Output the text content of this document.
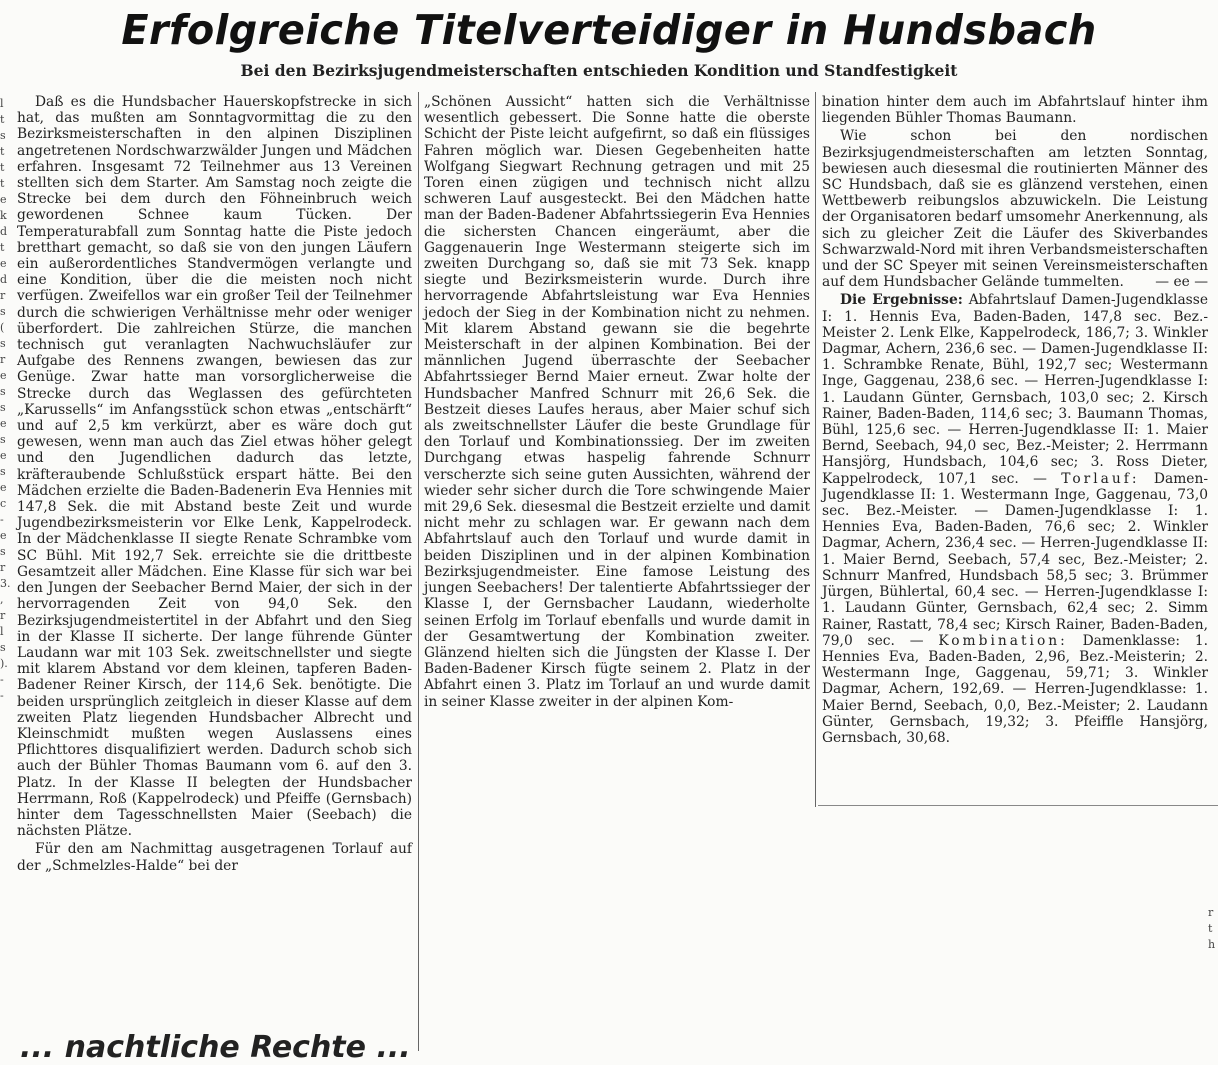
Erfolgreiche Titelverteidiger in Hundsbach
Bei den Bezirksjugendmeisterschaften entschieden Kondition und Standfestigkeit
l t s t t t e k d t e d r s ( s r e s s e s e s e c - e s r 3. , r l s ). - -

Daß es die Hundsbacher Hauerskopfstrecke in sich hat, das mußten am Sonntagvormittag die zu den Bezirksmeisterschaften in den alpinen Disziplinen angetretenen Nordschwarzwälder Jungen und Mädchen erfahren. Insgesamt 72 Teilnehmer aus 13 Vereinen stellten sich dem Starter. Am Samstag noch zeigte die Strecke bei dem durch den Föhneinbruch weich gewordenen Schnee kaum Tücken. Der Temperaturabfall zum Sonntag hatte die Piste jedoch bretthart gemacht, so daß sie von den jungen Läufern ein außerordentliches Standvermögen verlangte und eine Kondition, über die die meisten noch nicht verfügen. Zweifellos war ein großer Teil der Teilnehmer durch die schwierigen Verhältnisse mehr oder weniger überfordert. Die zahlreichen Stürze, die manchen technisch gut veranlagten Nachwuchsläufer zur Aufgabe des Rennens zwangen, bewiesen das zur Genüge. Zwar hatte man vorsorglicherweise die Strecke durch das Weglassen des gefürchteten „Karussells“ im Anfangsstück schon etwas „entschärft“ und auf 2,5 km verkürzt, aber es wäre doch gut gewesen, wenn man auch das Ziel etwas höher gelegt und den Jugendlichen dadurch das letzte, kräfteraubende Schlußstück erspart hätte. Bei den Mädchen erzielte die Baden-Badenerin Eva Hennies mit 147,8 Sek. die mit Abstand beste Zeit und wurde Jugendbezirksmeisterin vor Elke Lenk, Kappelrodeck. In der Mädchenklasse II siegte Renate Schrambke vom SC Bühl. Mit 192,7 Sek. erreichte sie die drittbeste Gesamtzeit aller Mädchen. Eine Klasse für sich war bei den Jungen der Seebacher Bernd Maier, der sich in der hervorragenden Zeit von 94,0 Sek. den Bezirksjugendmeistertitel in der Abfahrt und den Sieg in der Klasse II sicherte. Der lange führende Günter Laudann war mit 103 Sek. zweitschnellster und siegte mit klarem Abstand vor dem kleinen, tapferen Baden-Badener Reiner Kirsch, der 114,6 Sek. benötigte. Die beiden ursprünglich zeitgleich in dieser Klasse auf dem zweiten Platz liegenden Hundsbacher Albrecht und Kleinschmidt mußten wegen Auslassens eines Pflichttores disqualifiziert werden. Dadurch schob sich auch der Bühler Thomas Baumann vom 6. auf den 3. Platz. In der Klasse II belegten der Hundsbacher Herrmann, Roß (Kappelrodeck) und Pfeiffe (Gernsbach) hinter dem Tagesschnellsten Maier (Seebach) die nächsten Plätze.

Für den am Nachmittag ausgetragenen Torlauf auf der „Schmelzles-Halde“ bei der

„Schönen Aussicht“ hatten sich die Verhältnisse wesentlich gebessert. Die Sonne hatte die oberste Schicht der Piste leicht aufgefirnt, so daß ein flüssiges Fahren möglich war. Diesen Gegebenheiten hatte Wolfgang Siegwart Rechnung getragen und mit 25 Toren einen zügigen und technisch nicht allzu schweren Lauf ausgesteckt. Bei den Mädchen hatte man der Baden-Badener Abfahrtssiegerin Eva Hennies die sichersten Chancen eingeräumt, aber die Gaggenauerin Inge Westermann steigerte sich im zweiten Durchgang so, daß sie mit 73 Sek. knapp siegte und Bezirksmeisterin wurde. Durch ihre hervorragende Abfahrtsleistung war Eva Hennies jedoch der Sieg in der Kombination nicht zu nehmen. Mit klarem Abstand gewann sie die begehrte Meisterschaft in der alpinen Kombination. Bei der männlichen Jugend überraschte der Seebacher Abfahrtssieger Bernd Maier erneut. Zwar holte der Hundsbacher Manfred Schnurr mit 26,6 Sek. die Bestzeit dieses Laufes heraus, aber Maier schuf sich als zweitschnellster Läufer die beste Grundlage für den Torlauf und Kombinationssieg. Der im zweiten Durchgang etwas haspelig fahrende Schnurr verscherzte sich seine guten Aussichten, während der wieder sehr sicher durch die Tore schwingende Maier mit 29,6 Sek. diesesmal die Bestzeit erzielte und damit nicht mehr zu schlagen war. Er gewann nach dem Abfahrtslauf auch den Torlauf und wurde damit in beiden Disziplinen und in der alpinen Kombination Bezirksjugendmeister. Eine famose Leistung des jungen Seebachers! Der talentierte Abfahrtssieger der Klasse I, der Gernsbacher Laudann, wiederholte seinen Erfolg im Torlauf ebenfalls und wurde damit in der Gesamtwertung der Kombination zweiter. Glänzend hielten sich die Jüngsten der Klasse I. Der Baden-Badener Kirsch fügte seinem 2. Platz in der Abfahrt einen 3. Platz im Torlauf an und wurde damit in seiner Klasse zweiter in der alpinen Kom-

bination hinter dem auch im Abfahrtslauf hinter ihm liegenden Bühler Thomas Baumann.

Wie schon bei den nordischen Bezirksjugendmeisterschaften am letzten Sonntag, bewiesen auch diesesmal die routinierten Männer des SC Hundsbach, daß sie es glänzend verstehen, einen Wettbewerb reibungslos abzuwickeln. Die Leistung der Organisatoren bedarf umsomehr Anerkennung, als sich zu gleicher Zeit die Läufer des Skiverbandes Schwarzwald-Nord mit ihren Verbandsmeisterschaften und der SC Speyer mit seinen Vereinsmeisterschaften auf dem Hundsbacher Gelände tummelten.	— ee —

Die Ergebnisse: Abfahrtslauf Damen-Jugendklasse I: 1. Hennis Eva, Baden-Baden, 147,8 sec. Bez.-Meister 2. Lenk Elke, Kappelrodeck, 186,7; 3. Winkler Dagmar, Achern, 236,6 sec. — Damen-Jugendklasse II: 1. Schrambke Renate, Bühl, 192,7 sec; Westermann Inge, Gaggenau, 238,6 sec. — Herren-Jugendklasse I: 1. Laudann Günter, Gernsbach, 103,0 sec; 2. Kirsch Rainer, Baden-Baden, 114,6 sec; 3. Baumann Thomas, Bühl, 125,6 sec. — Herren-Jugendklasse II: 1. Maier Bernd, Seebach, 94,0 sec, Bez.-Meister; 2. Herrmann Hansjörg, Hundsbach, 104,6 sec; 3. Ross Dieter, Kappelrodeck, 107,1 sec. — Torlauf: Damen-Jugendklasse II: 1. Westermann Inge, Gaggenau, 73,0 sec. Bez.-Meister. — Damen-Jugendklasse I: 1. Hennies Eva, Baden-Baden, 76,6 sec; 2. Winkler Dagmar, Achern, 236,4 sec. — Herren-Jugendklasse II: 1. Maier Bernd, Seebach, 57,4 sec, Bez.-Meister; 2. Schnurr Manfred, Hundsbach 58,5 sec; 3. Brümmer Jürgen, Bühlertal, 60,4 sec. — Herren-Jugendklasse I: 1. Laudann Günter, Gernsbach, 62,4 sec; 2. Simm Rainer, Rastatt, 78,4 sec; Kirsch Rainer, Baden-Baden, 79,0 sec. — Kombination: Damenklasse: 1. Hennies Eva, Baden-Baden, 2,96, Bez.-Meisterin; 2. Westermann Inge, Gaggenau, 59,71; 3. Winkler Dagmar, Achern, 192,69. — Herren-Jugendklasse: 1. Maier Bernd, Seebach, 0,0, Bez.-Meister; 2. Laudann Günter, Gernsbach, 19,32; 3. Pfeiffle Hansjörg, Gernsbach, 30,68.

r t h
... nachtliche Rechte ...
